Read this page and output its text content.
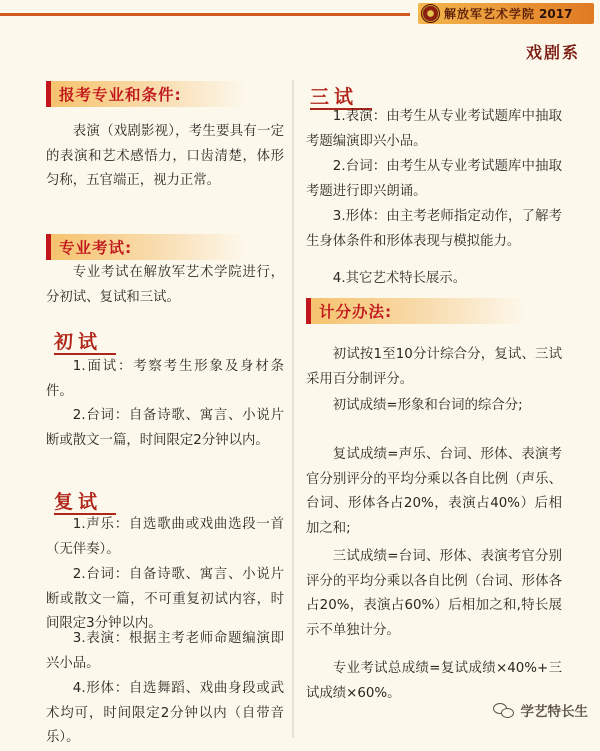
解放军艺术学院 2017
戏剧系
报考专业和条件:
表演（戏剧影视），考生要具有一定的表演和艺术感悟力，口齿清楚，体形匀称，五官端正，视力正常。
专业考试:
专业考试在解放军艺术学院进行，分初试、复试和三试。
初试
1.面试：考察考生形象及身材条件。
2.台词：自备诗歌、寓言、小说片断或散文一篇，时间限定2分钟以内。
复试
1.声乐：自选歌曲或戏曲选段一首（无伴奏）。
2.台词：自备诗歌、寓言、小说片断或散文一篇，不可重复初试内容，时间限定3分钟以内。
3.表演：根据主考老师命题编演即兴小品。
4.形体：自选舞蹈、戏曲身段或武术均可，时间限定2分钟以内（自带音乐）。
三试
1.表演：由考生从专业考试题库中抽取考题编演即兴小品。
2.台词：由考生从专业考试题库中抽取考题进行即兴朗诵。
3.形体：由主考老师指定动作，了解考生身体条件和形体表现与模拟能力。
4.其它艺术特长展示。
计分办法:
初试按1至10分计综合分，复试、三试采用百分制评分。
初试成绩=形象和台词的综合分;
复试成绩=声乐、台词、形体、表演考官分别评分的平均分乘以各自比例（声乐、台词、形体各占20%，表演占40%）后相加之和;
三试成绩=台词、形体、表演考官分别评分的平均分乘以各自比例（台词、形体各占20%，表演占60%）后相加之和,特长展示不单独计分。
专业考试总成绩=复试成绩×40%+三试成绩×60%。
学艺特长生
